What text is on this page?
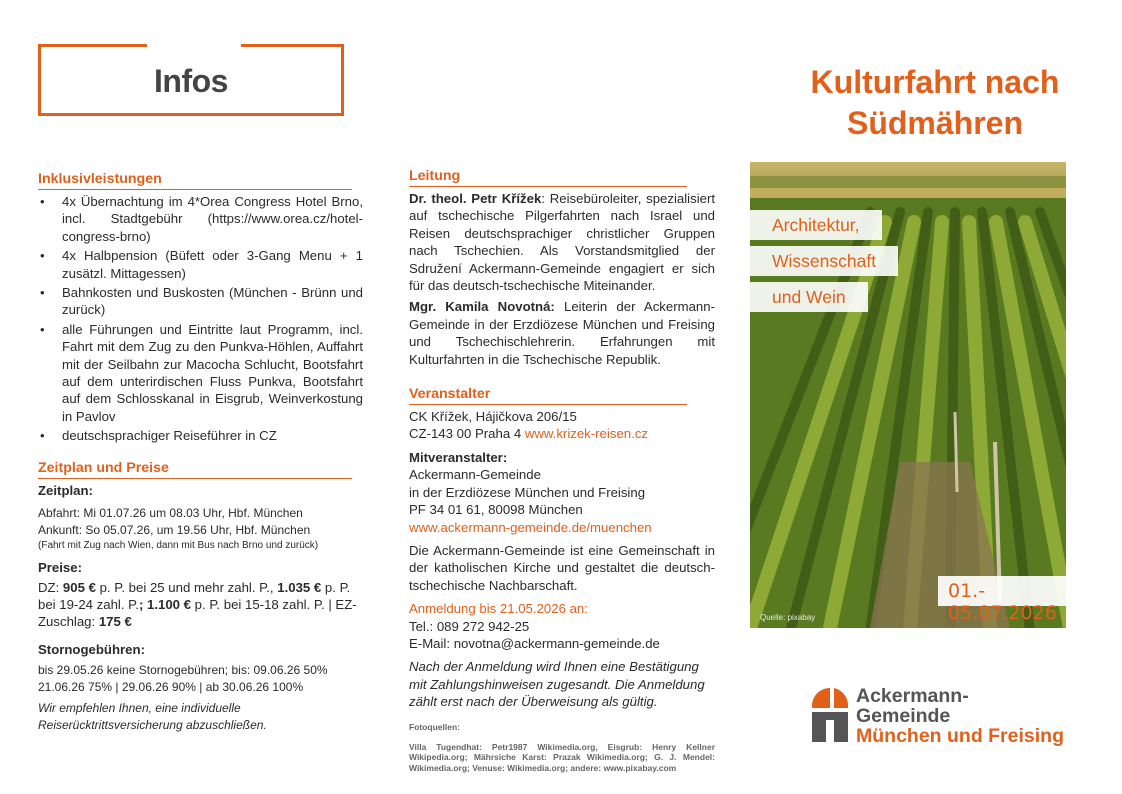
Infos
Inklusivleistungen
• 4x Übernachtung im 4*Orea Congress Hotel Brno, incl. Stadtgebühr (https://www.orea.cz/hotel-congress-brno)
• 4x Halbpension (Büfett oder 3-Gang Menu + 1 zusätzl. Mittagessen)
• Bahnkosten und Buskosten (München - Brünn und zurück)
• alle Führungen und Eintritte laut Programm, incl. Fahrt mit dem Zug zu den Punkva-Höhlen, Auffahrt mit der Seilbahn zur Macocha Schlucht, Bootsfahrt auf dem unterirdischen Fluss Punkva, Bootsfahrt auf dem Schlosskanal in Eisgrub, Weinverkostung in Pavlov
• deutschsprachiger Reiseführer in CZ
Zeitplan und Preise
Zeitplan:
Abfahrt: Mi 01.07.26 um 08.03 Uhr, Hbf. München
Ankunft: So 05.07.26, um 19.56 Uhr, Hbf. München
(Fahrt mit Zug nach Wien, dann mit Bus nach Brno und zurück)
Preise:
DZ: 905 € p. P. bei 25 und mehr zahl. P., 1.035 € p. P. bei 19-24 zahl. P.; 1.100 € p. P. bei 15-18 zahl. P. | EZ-Zuschlag: 175 €
Stornogebühren:
bis 29.05.26 keine Stornogebühren; bis: 09.06.26 50% 21.06.26 75% | 29.06.26 90% | ab 30.06.26 100%
Wir empfehlen Ihnen, eine individuelle Reiserücktrittsversicherung abzuschließen.
Leitung
Dr. theol. Petr Křížek: Reisebüroleiter, spezialisiert auf tschechische Pilgerfahrten nach Israel und Reisen deutschsprachiger christlicher Gruppen nach Tschechien. Als Vorstandsmitglied der Sdružení Ackermann-Gemeinde engagiert er sich für das deutsch-tschechische Miteinander.
Mgr. Kamila Novotná: Leiterin der Ackermann-Gemeinde in der Erzdiözese München und Freising und Tschechischlehrerin. Erfahrungen mit Kulturfahrten in die Tschechische Republik.
Veranstalter
CK Křížek, Hájičkova 206/15
CZ-143 00 Praha 4 www.krizek-reisen.cz
Mitveranstalter:
Ackermann-Gemeinde
in der Erzdiözese München und Freising
PF 34 01 61, 80098 München
www.ackermann-gemeinde.de/muenchen
Die Ackermann-Gemeinde ist eine Gemeinschaft in der katholischen Kirche und gestaltet die deutsch-tschechische Nachbarschaft.
Anmeldung bis 21.05.2026 an:
Tel.: 089 272 942-25
E-Mail: novotna@ackermann-gemeinde.de
Nach der Anmeldung wird Ihnen eine Bestätigung mit Zahlungshinweisen zugesandt. Die Anmeldung zählt erst nach der Überweisung als gültig.
Fotoquellen:
Villa Tugendhat: Petr1987 Wikimedia.org, Eisgrub: Henry Kellner Wikipedia.org; Mährsiche Karst: Prazak Wikimedia.org; G. J. Mendel: Wikimedia.org; Venuse: Wikimedia.org; andere: www.pixabay.com
Kulturfahrt nach
Südmähren
Architektur,
Wissenschaft
und Wein
01.- 05.07.2026
Quelle: pixabay
Ackermann-
Gemeinde
München und Freising
